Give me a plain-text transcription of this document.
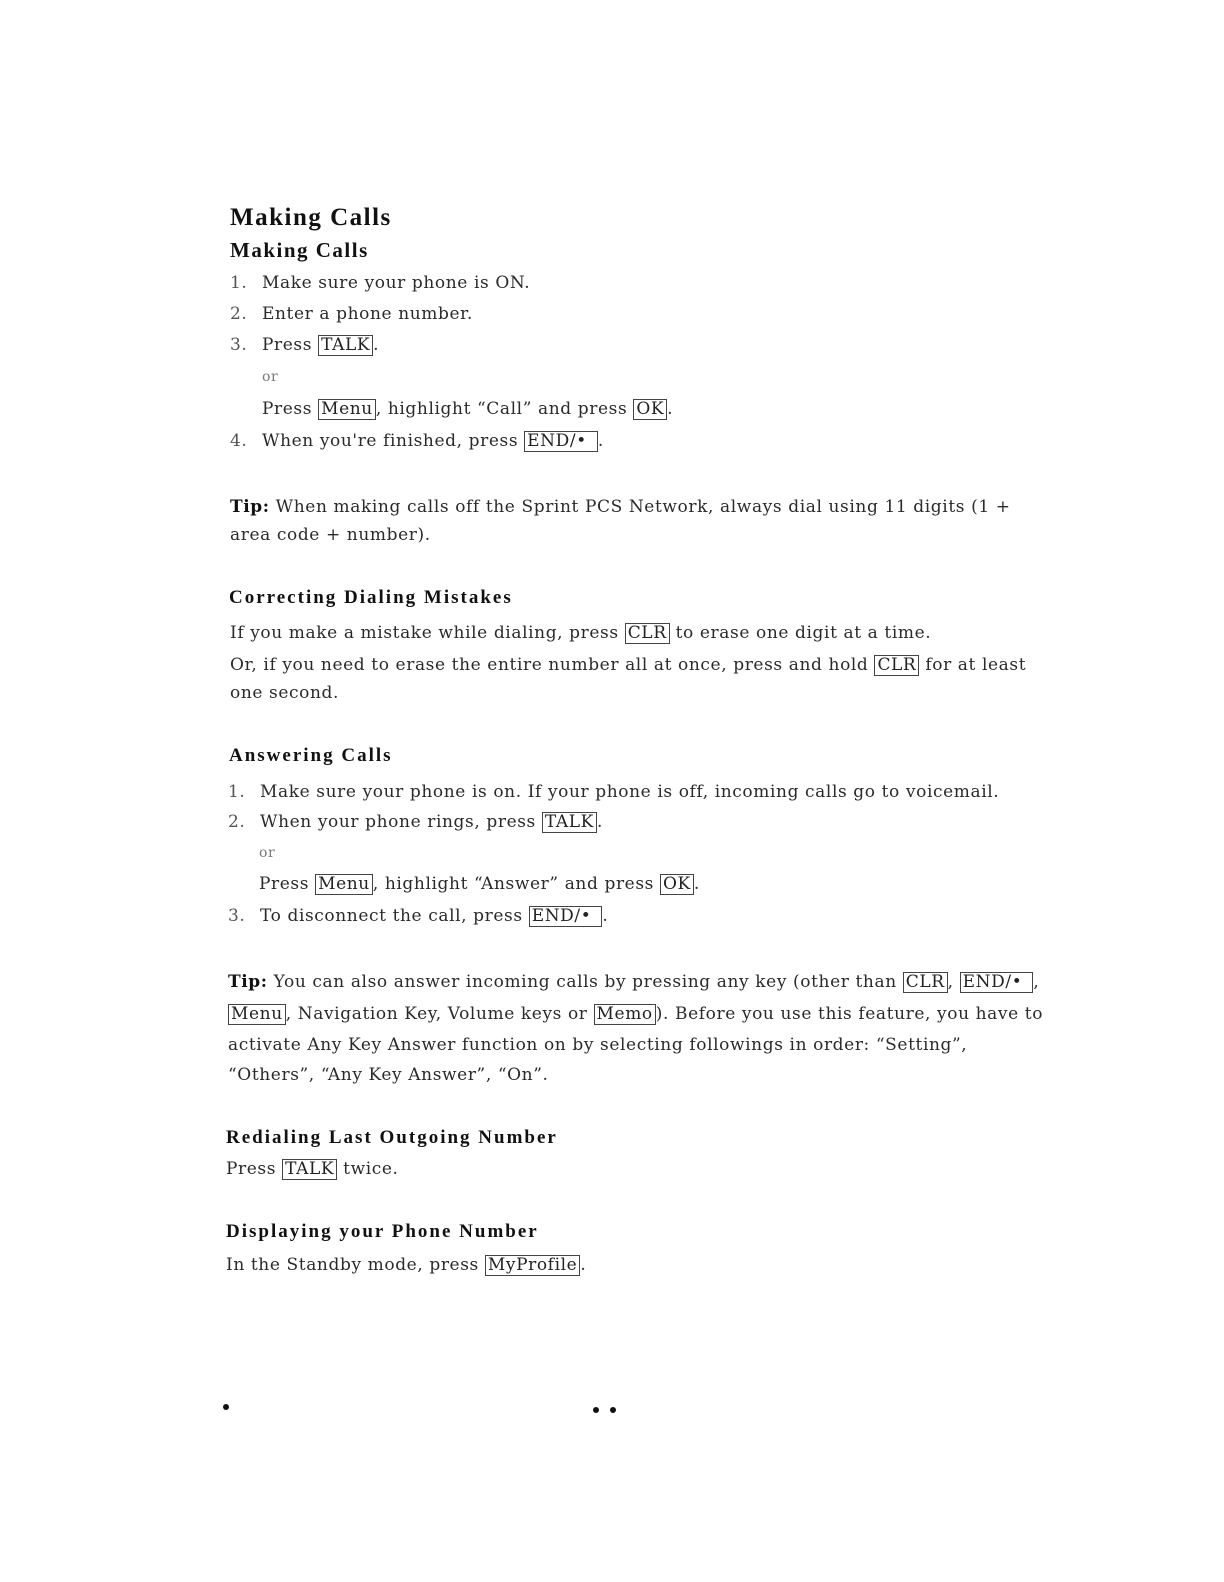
Making Calls
Making Calls
1. Make sure your phone is ON.
2. Enter a phone number.
3. Press TALK .
or
Press Menu , highlight “Call” and press OK .
4. When you're finished, press END/• .
Tip: When making calls off the Sprint PCS Network, always dial using 11 digits (1 +
area code + number).
Correcting Dialing Mistakes
If you make a mistake while dialing, press CLR to erase one digit at a time.
Or, if you need to erase the entire number all at once, press and hold CLR for at least
one second.
Answering Calls
1. Make sure your phone is on. If your phone is off, incoming calls go to voicemail.
2. When your phone rings, press TALK .
or
Press Menu , highlight “Answer” and press OK .
3. To disconnect the call, press END/• .
Tip: You can also answer incoming calls by pressing any key (other than CLR , END/• ,
Menu , Navigation Key, Volume keys or Memo ). Before you use this feature, you have to
activate Any Key Answer function on by selecting followings in order: “Setting”,
“Others”, “Any Key Answer”, “On”.
Redialing Last Outgoing Number
Press TALK twice.
Displaying your Phone Number
In the Standby mode, press MyProfile .
